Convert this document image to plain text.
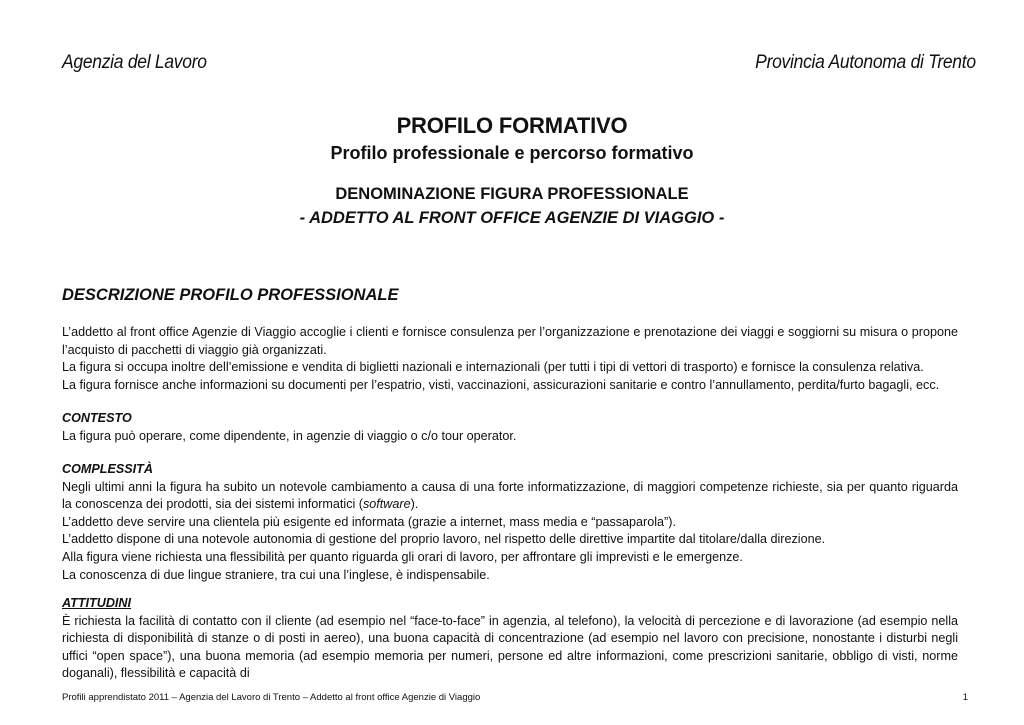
Agenzia del Lavoro	Provincia Autonoma di Trento
PROFILO FORMATIVO
Profilo professionale e percorso formativo
DENOMINAZIONE FIGURA PROFESSIONALE
- ADDETTO AL FRONT OFFICE AGENZIE DI VIAGGIO -
DESCRIZIONE PROFILO PROFESSIONALE

L’addetto al front office Agenzie di Viaggio accoglie i clienti e fornisce consulenza per l’organizzazione e prenotazione dei viaggi e soggiorni su misura o propone l’acquisto di pacchetti di viaggio già organizzati.

La figura si occupa inoltre dell’emissione e vendita di biglietti nazionali e internazionali (per tutti i tipi di vettori di trasporto) e fornisce la consulenza relativa.

La figura fornisce anche informazioni su documenti per l’espatrio, visti, vaccinazioni, assicurazioni sanitarie e contro l’annullamento, perdita/furto bagagli, ecc.

CONTESTO

La figura può operare, come dipendente, in agenzie di viaggio o c/o tour operator.

COMPLESSITÀ

Negli ultimi anni la figura ha subito un notevole cambiamento a causa di una forte informatizzazione, di maggiori competenze richieste, sia per quanto riguarda la conoscenza dei prodotti, sia dei sistemi informatici (software).

L’addetto deve servire una clientela più esigente ed informata (grazie a internet, mass media e “passaparola”).

L’addetto dispone di una notevole autonomia di gestione del proprio lavoro, nel rispetto delle direttive impartite dal titolare/dalla direzione.

Alla figura viene richiesta una flessibilità per quanto riguarda gli orari di lavoro, per affrontare gli imprevisti e le emergenze.

La conoscenza di due lingue straniere, tra cui una l’inglese, è indispensabile.

ATTITUDINI

È richiesta la facilità di contatto con il cliente (ad esempio nel “face-to-face” in agenzia, al telefono), la velocità di percezione e di lavorazione (ad esempio nella richiesta di disponibilità di stanze o di posti in aereo), una buona capacità di concentrazione (ad esempio nel lavoro con precisione, nonostante i disturbi negli uffici “open space”), una buona memoria (ad esempio memoria per numeri, persone ed altre informazioni, come prescrizioni sanitarie, obbligo di visti, norme doganali), flessibilità e capacità di

Profili apprendistato 2011 – Agenzia del Lavoro di Trento – Addetto al front office Agenzie di Viaggio	1
